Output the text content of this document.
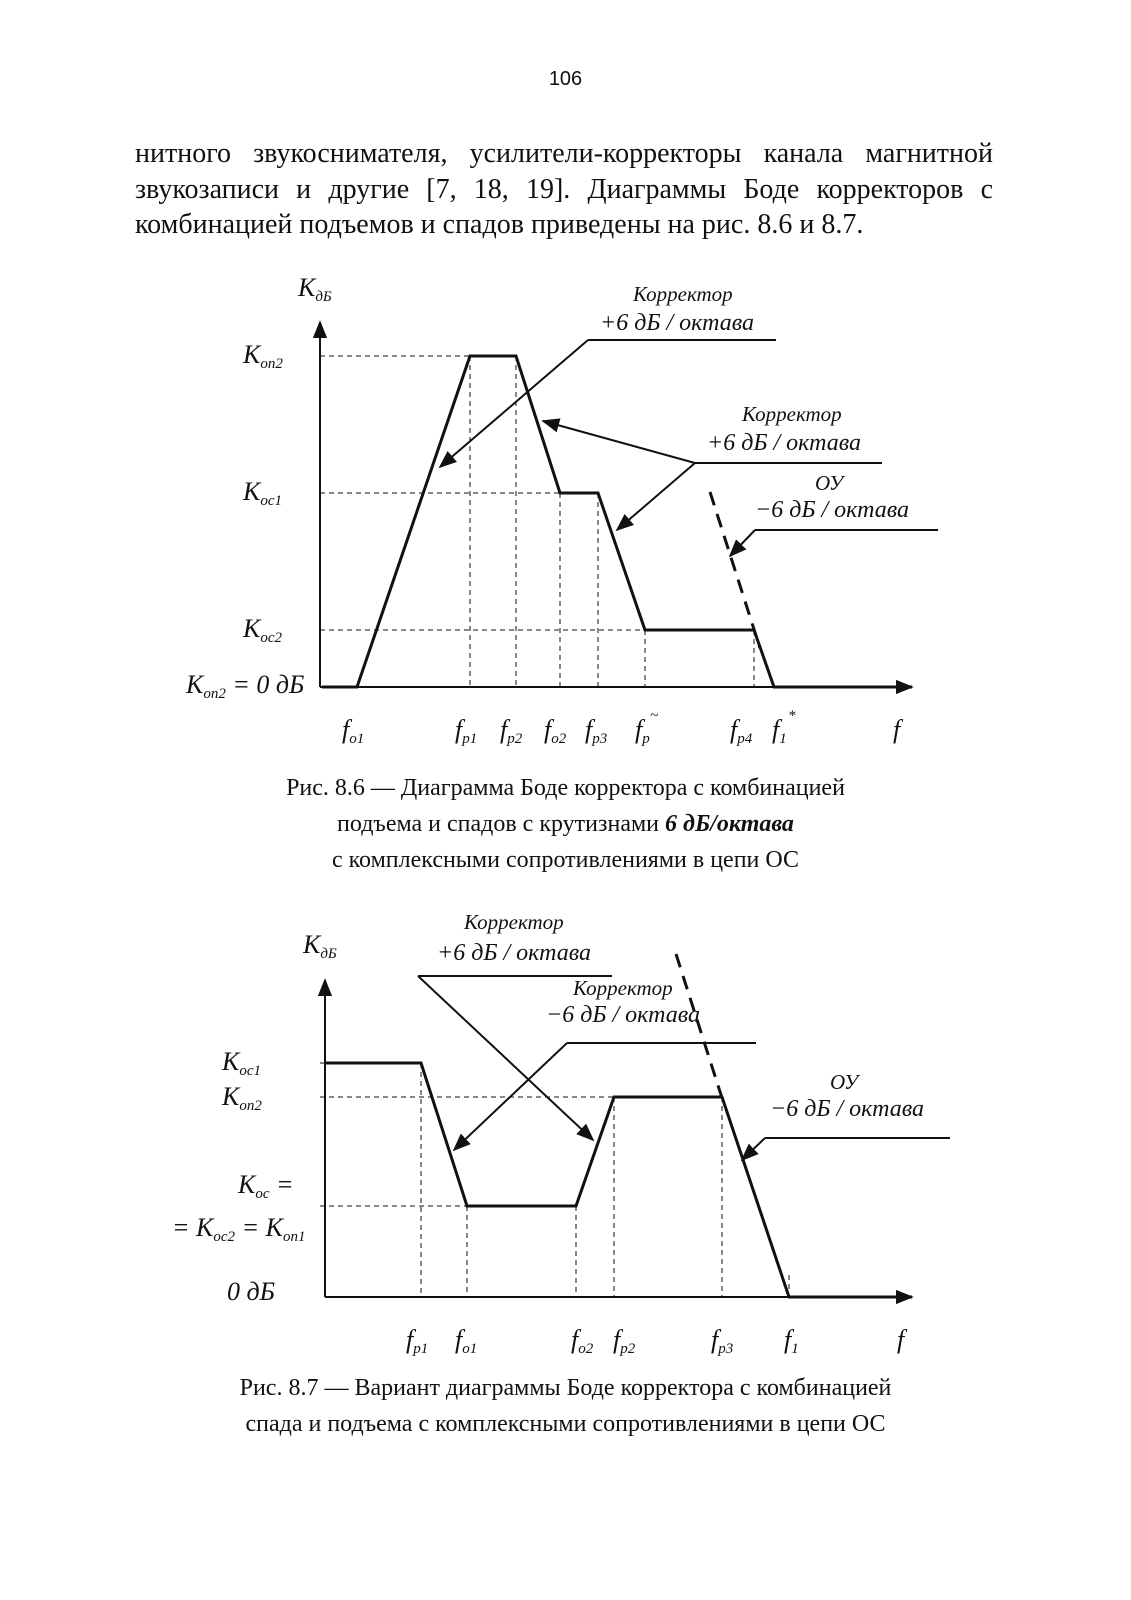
106
нитного звукоснимателя, усилители-корректоры канала магнитной
звукозаписи и другие [7, 18, 19]. Диаграммы Боде корректоров с
комбинацией подъемов и спадов приведены на рис. 8.6 и 8.7.
KдБ
Kоп2
Kос1
Kос2
Kоп2 = 0 дБ
fо1	fр1 fр2 fо2 fр3 fр
~	fр4 f1
*	f
Корректор
+6 дБ / октава
Корректор
+6 дБ / октава
ОУ
−6 дБ / октава
Рис. 8.6 — Диаграмма Боде корректора с комбинацией
подъема и спадов с крутизнами 6 дБ/октава
с комплексными сопротивлениями в цепи ОС
KдБ
Kос1
Kоп2
Kос =
= Kос2 = Kоп1
0 дБ
fр1 fо1	fо2 fр2	fр3 f1	f
Корректор
+6 дБ / октава
Корректор
−6 дБ / октава
ОУ
−6 дБ / октава
Рис. 8.7 — Вариант диаграммы Боде корректора с комбинацией
спада и подъема с комплексными сопротивлениями в цепи ОС
